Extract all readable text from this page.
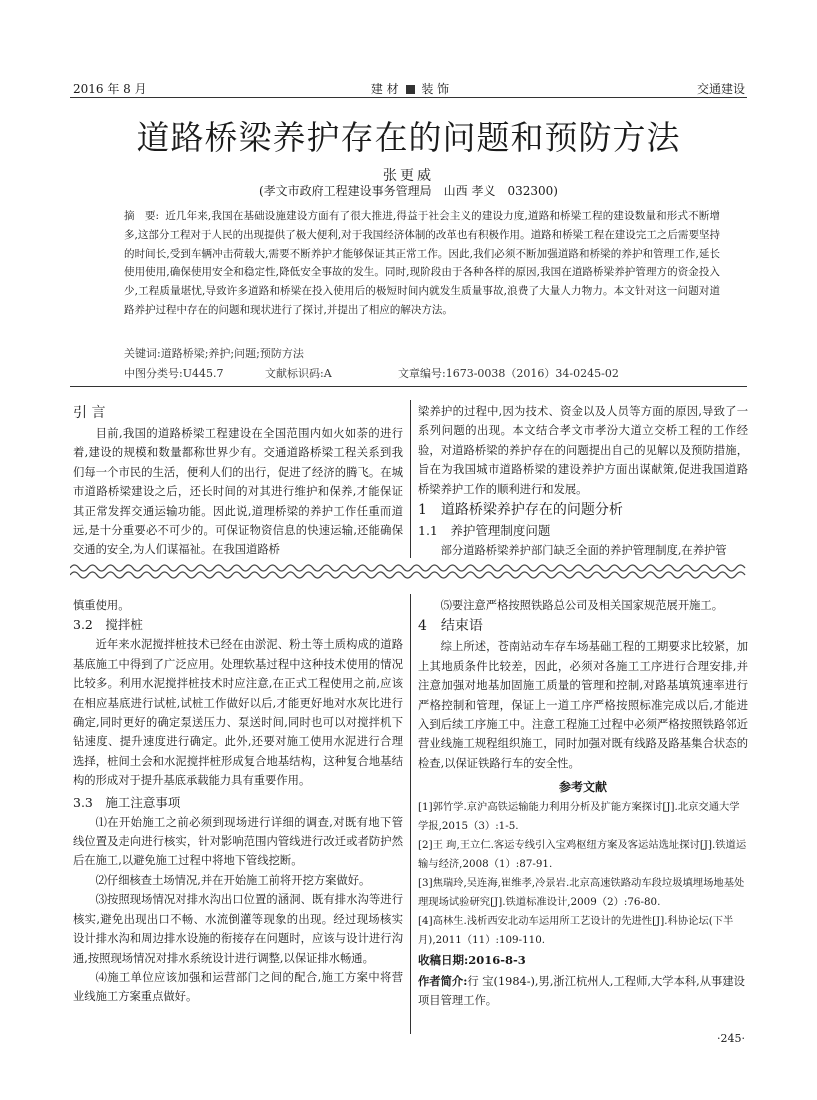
2016 年 8 月	建 材 装 饰	交通建设
道路桥梁养护存在的问题和预防方法
张更威
(孝文市政府工程建设事务管理局　山西 孝义　032300)
摘　要: 近几年来,我国在基础设施建设方面有了很大推进,得益于社会主义的建设力度,道路和桥梁工程的建设数量和形式不断增多,这部分工程对于人民的出现提供了极大便利,对于我国经济体制的改革也有积极作用。道路和桥梁工程在建设完工之后需要坚持的时间长,受到车辆冲击荷载大,需要不断养护才能够保证其正常工作。因此,我们必须不断加强道路和桥梁的养护和管理工作,延长使用使用,确保使用安全和稳定性,降低安全事故的发生。同时,现阶段由于各种各样的原因,我国在道路桥梁养护管理方的资金投入少,工程质量堪忧,导致许多道路和桥梁在投入使用后的极短时间内就发生质量事故,浪费了大量人力物力。本文针对这一问题对道路养护过程中存在的问题和现状进行了探讨,并提出了相应的解决方法。
关键词:道路桥梁;养护;问题;预防方法
中图分类号:U445.7	文献标识码:A	文章编号:1673-0038（2016）34-0245-02
引 言

目前,我国的道路桥梁工程建设在全国范围内如火如荼的进行着,建设的规模和数量都称世界少有。交通道路桥梁工程关系到我们每一个市民的生活，便利人们的出行，促进了经济的腾飞。在城市道路桥梁建设之后，还长时间的对其进行维护和保养,才能保证其正常发挥交通运输功能。因此说,道理桥梁的养护工作任重而道远,是十分重要必不可少的。可保证物资信息的快速运输,还能确保交通的安全,为人们谋福祉。在我国道路桥

梁养护的过程中,因为技术、资金以及人员等方面的原因,导致了一系列问题的出现。本文结合孝文市孝汾大道立交桥工程的工作经验，对道路桥梁的养护存在的问题提出自己的见解以及预防措施，旨在为我国城市道路桥梁的建设养护方面出谋献策,促进我国道路桥梁养护工作的顺利进行和发展。

1　道路桥梁养护存在的问题分析
1.1　养护管理制度问题

部分道路桥梁养护部门缺乏全面的养护管理制度,在养护管

慎重使用。

3.2　搅拌桩

近年来水泥搅拌桩技术已经在由淤泥、粉土等土质构成的道路基底施工中得到了广泛应用。处理软基过程中这种技术使用的情况比较多。利用水泥搅拌桩技术时应注意,在正式工程使用之前,应该在相应基底进行试桩,试桩工作做好以后,才能更好地对水灰比进行确定,同时更好的确定泵送压力、泵送时间,同时也可以对搅拌机下钻速度、提升速度进行确定。此外,还要对施工使用水泥进行合理选择，桩间土会和水泥搅拌桩形成复合地基结构，这种复合地基结构的形成对于提升基底承载能力具有重要作用。

3.3　施工注意事项

⑴在开始施工之前必须到现场进行详细的调查,对既有地下管线位置及走向进行核实，针对影响范围内管线进行改迁或者防护然后在施工,以避免施工过程中将地下管线挖断。

⑵仔细核查土场情况,并在开始施工前将开挖方案做好。

⑶按照现场情况对排水沟出口位置的涵洞、既有排水沟等进行核实,避免出现出口不畅、水流倒灌等现象的出现。经过现场核实设计排水沟和周边排水设施的衔接存在问题时，应该与设计进行沟通,按照现场情况对排水系统设计进行调整,以保证排水畅通。

⑷施工单位应该加强和运营部门之间的配合,施工方案中将营业线施工方案重点做好。

⑸要注意严格按照铁路总公司及相关国家规范展开施工。

4　结束语

综上所述，苍南站动车存车场基础工程的工期要求比较紧，加上其地质条件比较差，因此，必须对各施工工序进行合理安排,并注意加强对地基加固施工质量的管理和控制,对路基填筑速率进行严格控制和管理，保证上一道工序严格按照标准完成以后,才能进入到后续工序施工中。注意工程施工过程中必须严格按照铁路邻近营业线施工规程组织施工，同时加强对既有线路及路基集合状态的检查,以保证铁路行车的安全性。

参考文献

[1]郭竹学.京沪高铁运输能力利用分析及扩能方案探讨[J].北京交通大学学报,2015（3）:1-5.

[2]王 珣,王立仁.客运专线引入宝鸡枢纽方案及客运站选址探讨[J].铁道运输与经济,2008（1）:87-91.

[3]焦瑞玲,吴连海,崔维孝,冷景岩.北京高速铁路动车段垃圾填埋场地基处理现场试验研究[J].铁道标准设计,2009（2）:76-80.

[4]高林生.浅析西安北动车运用所工艺设计的先进性[J].科协论坛(下半月),2011（11）:109-110.

收稿日期:2016-8-3
作者简介:行 宝(1984-),男,浙江杭州人,工程师,大学本科,从事建设项目管理工作。
·245·
